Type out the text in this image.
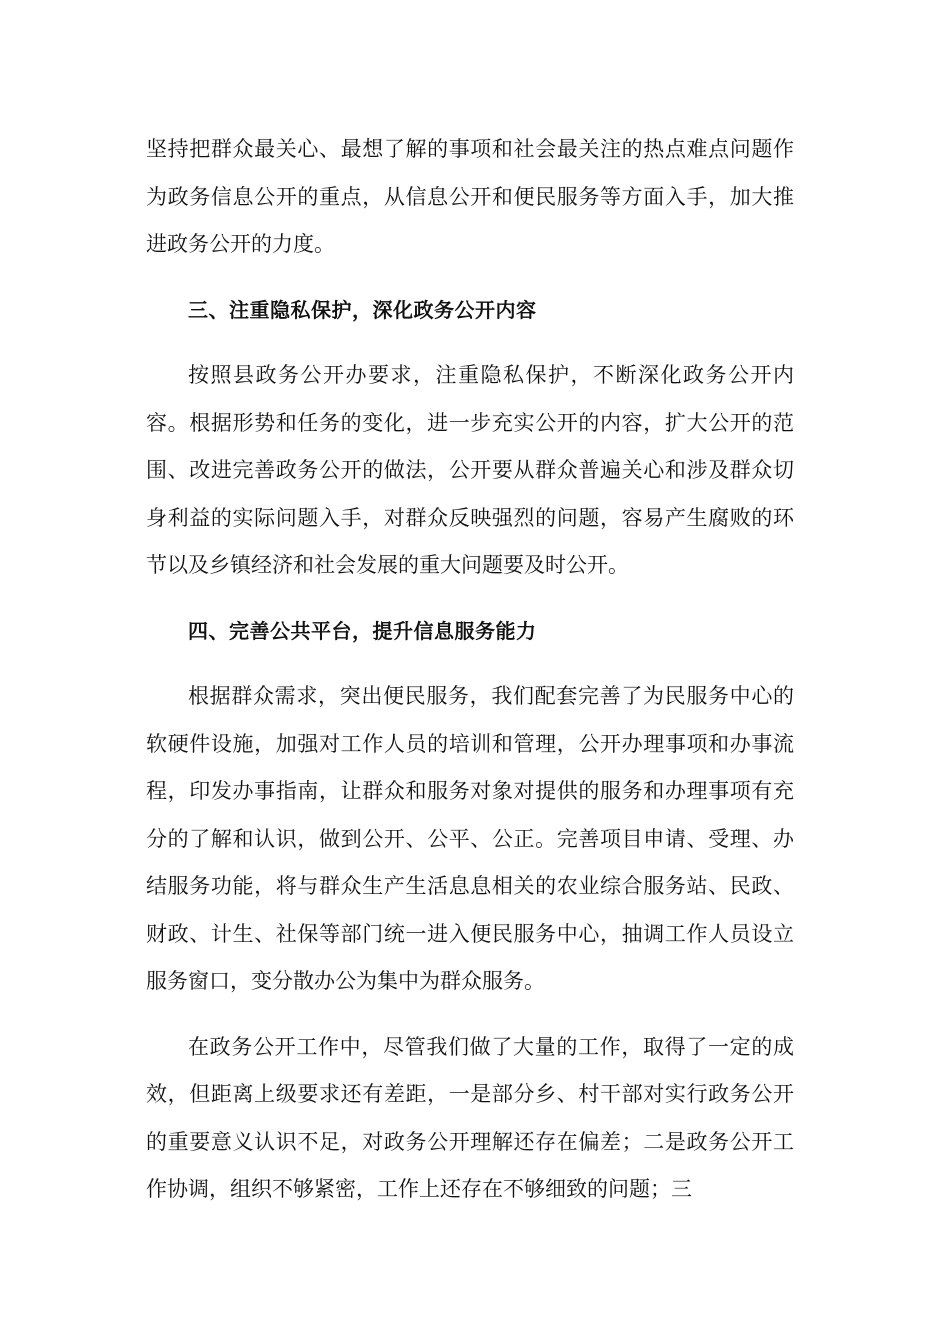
坚持把群众最关心、最想了解的事项和社会最关注的热点难点问题作为政务信息公开的重点，从信息公开和便民服务等方面入手，加大推进政务公开的力度。

三、注重隐私保护，深化政务公开内容

按照县政务公开办要求，注重隐私保护，不断深化政务公开内容。根据形势和任务的变化，进一步充实公开的内容，扩大公开的范围、改进完善政务公开的做法，公开要从群众普遍关心和涉及群众切身利益的实际问题入手，对群众反映强烈的问题，容易产生腐败的环节以及乡镇经济和社会发展的重大问题要及时公开。

四、完善公共平台，提升信息服务能力

根据群众需求，突出便民服务，我们配套完善了为民服务中心的软硬件设施，加强对工作人员的培训和管理，公开办理事项和办事流程，印发办事指南，让群众和服务对象对提供的服务和办理事项有充分的了解和认识，做到公开、公平、公正。完善项目申请、受理、办结服务功能，将与群众生产生活息息相关的农业综合服务站、民政、财政、计生、社保等部门统一进入便民服务中心，抽调工作人员设立服务窗口，变分散办公为集中为群众服务。

在政务公开工作中，尽管我们做了大量的工作，取得了一定的成效，但距离上级要求还有差距，一是部分乡、村干部对实行政务公开的重要意义认识不足，对政务公开理解还存在偏差；二是政务公开工作协调，组织不够紧密，工作上还存在不够细致的问题；三
